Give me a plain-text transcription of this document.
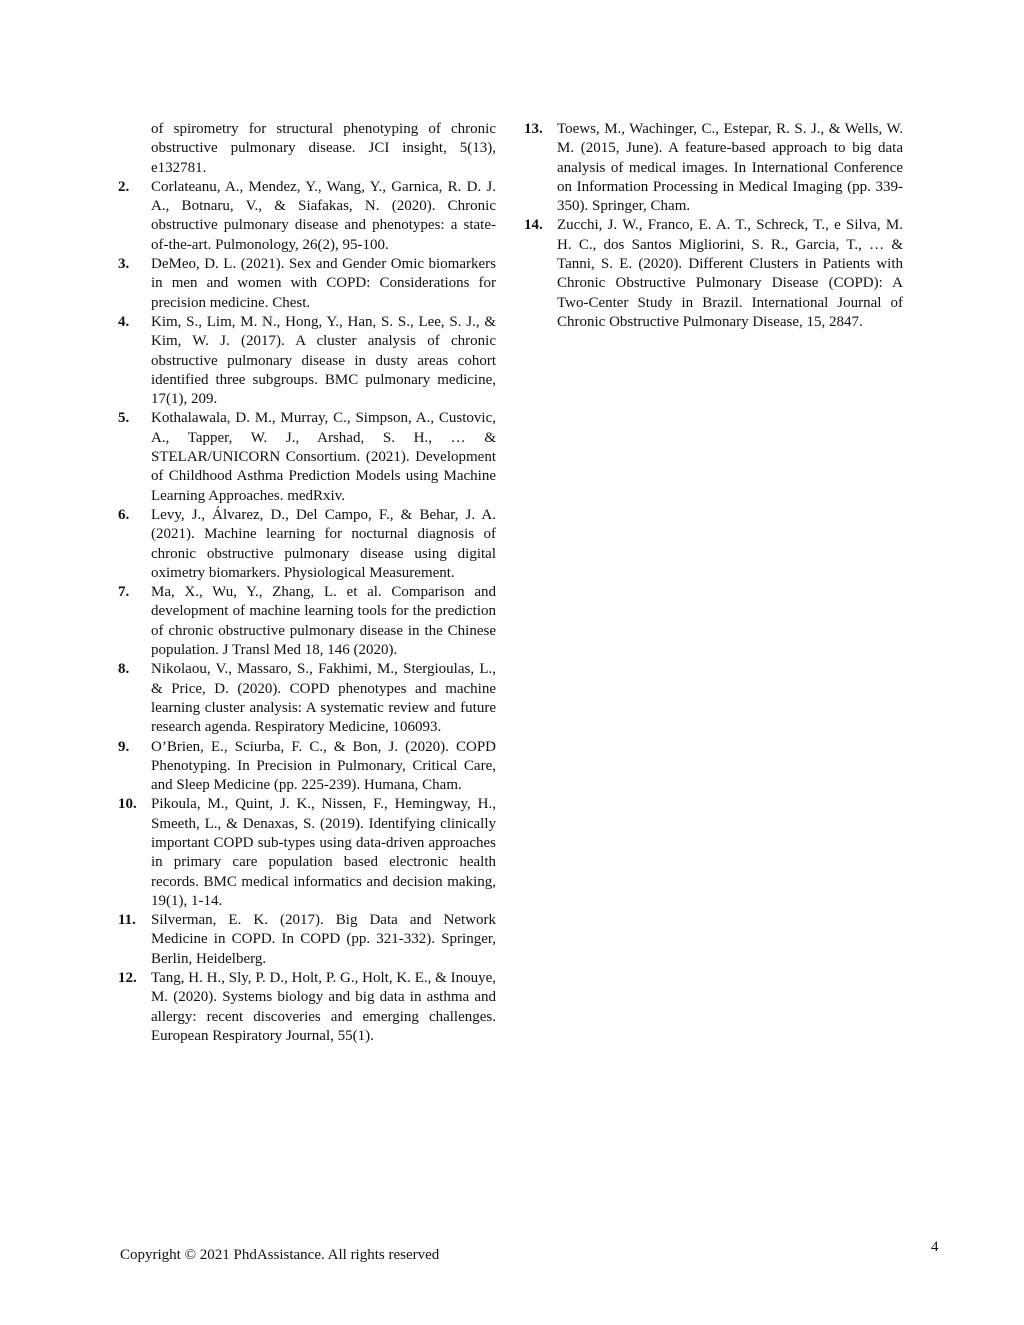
of spirometry for structural phenotyping of chronic obstructive pulmonary disease. JCI insight, 5(13), e132781.
2. Corlateanu, A., Mendez, Y., Wang, Y., Garnica, R. D. J. A., Botnaru, V., & Siafakas, N. (2020). Chronic obstructive pulmonary disease and phenotypes: a state-of-the-art. Pulmonology, 26(2), 95-100.
3. DeMeo, D. L. (2021). Sex and Gender Omic biomarkers in men and women with COPD: Considerations for precision medicine. Chest.
4. Kim, S., Lim, M. N., Hong, Y., Han, S. S., Lee, S. J., & Kim, W. J. (2017). A cluster analysis of chronic obstructive pulmonary disease in dusty areas cohort identified three subgroups. BMC pulmonary medicine, 17(1), 209.
5. Kothalawala, D. M., Murray, C., Simpson, A., Custovic, A., Tapper, W. J., Arshad, S. H., … & STELAR/UNICORN Consortium. (2021). Development of Childhood Asthma Prediction Models using Machine Learning Approaches. medRxiv.
6. Levy, J., Álvarez, D., Del Campo, F., & Behar, J. A. (2021). Machine learning for nocturnal diagnosis of chronic obstructive pulmonary disease using digital oximetry biomarkers. Physiological Measurement.
7. Ma, X., Wu, Y., Zhang, L. et al. Comparison and development of machine learning tools for the prediction of chronic obstructive pulmonary disease in the Chinese population. J Transl Med 18, 146 (2020).
8. Nikolaou, V., Massaro, S., Fakhimi, M., Stergioulas, L., & Price, D. (2020). COPD phenotypes and machine learning cluster analysis: A systematic review and future research agenda. Respiratory Medicine, 106093.
9. O’Brien, E., Sciurba, F. C., & Bon, J. (2020). COPD Phenotyping. In Precision in Pulmonary, Critical Care, and Sleep Medicine (pp. 225-239). Humana, Cham.
10. Pikoula, M., Quint, J. K., Nissen, F., Hemingway, H., Smeeth, L., & Denaxas, S. (2019). Identifying clinically important COPD sub-types using data-driven approaches in primary care population based electronic health records. BMC medical informatics and decision making, 19(1), 1-14.
11. Silverman, E. K. (2017). Big Data and Network Medicine in COPD. In COPD (pp. 321-332). Springer, Berlin, Heidelberg.
12. Tang, H. H., Sly, P. D., Holt, P. G., Holt, K. E., & Inouye, M. (2020). Systems biology and big data in asthma and allergy: recent discoveries and emerging challenges. European Respiratory Journal, 55(1).
13. Toews, M., Wachinger, C., Estepar, R. S. J., & Wells, W. M. (2015, June). A feature-based approach to big data analysis of medical images. In International Conference on Information Processing in Medical Imaging (pp. 339-350). Springer, Cham.
14. Zucchi, J. W., Franco, E. A. T., Schreck, T., e Silva, M. H. C., dos Santos Migliorini, S. R., Garcia, T., … & Tanni, S. E. (2020). Different Clusters in Patients with Chronic Obstructive Pulmonary Disease (COPD): A Two-Center Study in Brazil. International Journal of Chronic Obstructive Pulmonary Disease, 15, 2847.
Copyright © 2021 PhdAssistance. All rights reserved	4
